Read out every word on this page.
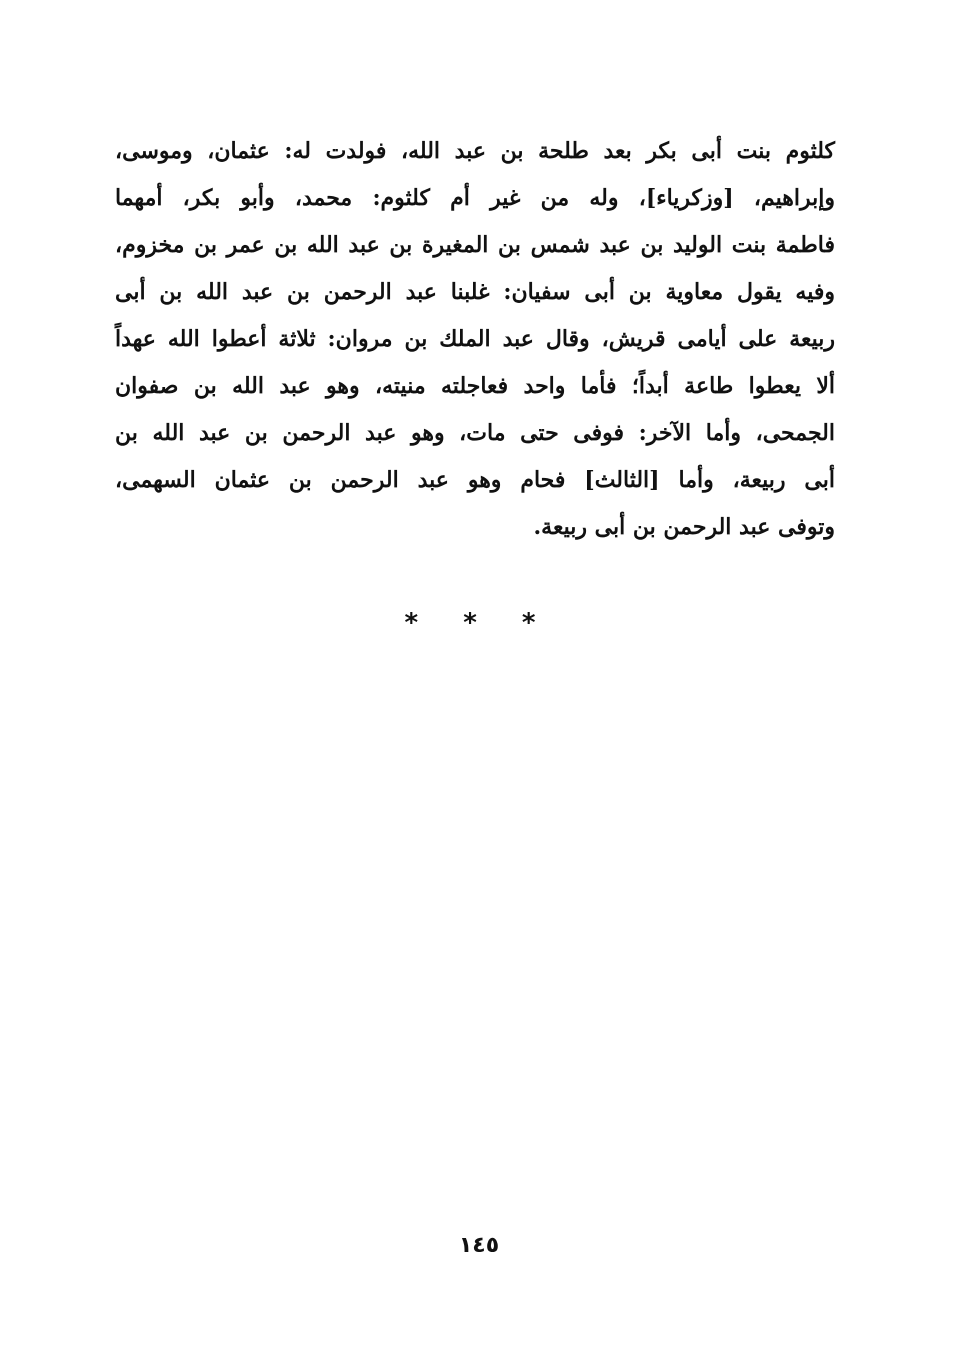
كلثوم بنت أبى بكر بعد طلحة بن عبد الله، فولدت له: عثمان، وموسى،
وإبراهيم، [وزكرياء]، وله من غير أم كلثوم: محمد، وأبو بكر، أمهما
فاطمة بنت الوليد بن عبد شمس بن المغيرة بن عبد الله بن عمر بن مخزوم،
وفيه يقول معاوية بن أبى سفيان: غلبنا عبد الرحمن بن عبد الله بن أبى
ربيعة على أيامى قريش، وقال عبد الملك بن مروان: ثلاثة أعطوا الله عهداً
ألا يعطوا طاعة أبداً؛ فأما واحد فعاجلته منيته، وهو عبد الله بن صفوان
الجمحى، وأما الآخر: فوفى حتى مات، وهو عبد الرحمن بن عبد الله بن
أبى ربيعة، وأما [الثالث] فحام وهو عبد الرحمن بن عثمان السهمى،
وتوفى عبد الرحمن بن أبى ربيعة.
* * *
١٤٥
